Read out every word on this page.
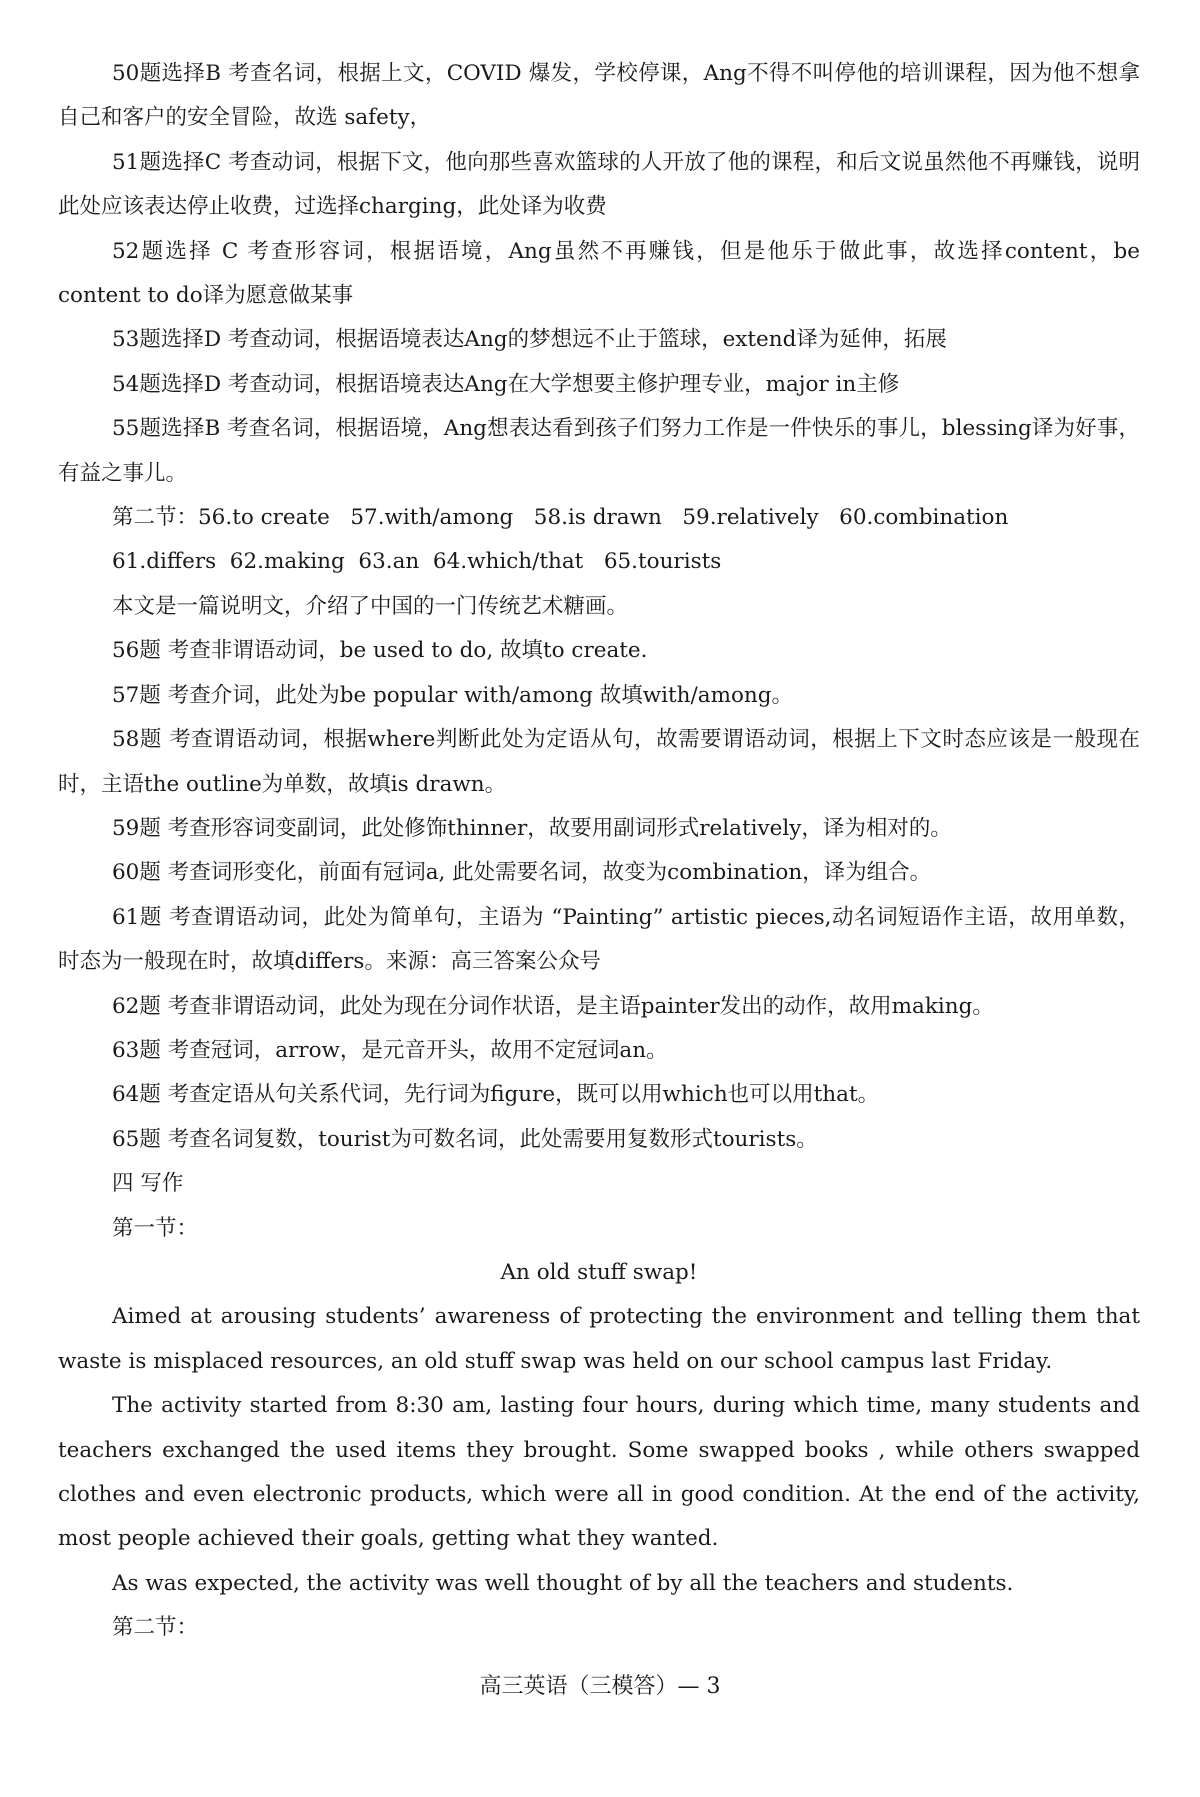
50题选择B 考查名词，根据上文，COVID 爆发，学校停课，Ang不得不叫停他的培训课程，因为他不想拿自己和客户的安全冒险，故选 safety，

51题选择C 考查动词，根据下文，他向那些喜欢篮球的人开放了他的课程，和后文说虽然他不再赚钱，说明此处应该表达停止收费，过选择charging，此处译为收费

52题选择 C 考查形容词，根据语境，Ang虽然不再赚钱，但是他乐于做此事，故选择content，be content to do译为愿意做某事

53题选择D 考查动词，根据语境表达Ang的梦想远不止于篮球，extend译为延伸，拓展

54题选择D 考查动词，根据语境表达Ang在大学想要主修护理专业，major in主修

55题选择B 考查名词，根据语境，Ang想表达看到孩子们努力工作是一件快乐的事儿，blessing译为好事，有益之事儿。

第二节：56.to create   57.with/among   58.is drawn   59.relatively   60.combination

61.differs  62.making  63.an  64.which/that   65.tourists

本文是一篇说明文，介绍了中国的一门传统艺术糖画。

56题 考查非谓语动词，be used to do, 故填to create.

57题 考查介词，此处为be popular with/among 故填with/among。

58题 考查谓语动词，根据where判断此处为定语从句，故需要谓语动词，根据上下文时态应该是一般现在时，主语the outline为单数，故填is drawn。

59题 考查形容词变副词，此处修饰thinner，故要用副词形式relatively，译为相对的。

60题 考查词形变化，前面有冠词a, 此处需要名词，故变为combination，译为组合。

61题 考查谓语动词，此处为简单句，主语为 “Painting” artistic pieces,动名词短语作主语，故用单数，时态为一般现在时，故填differs。来源：高三答案公众号

62题 考查非谓语动词，此处为现在分词作状语，是主语painter发出的动作，故用making。

63题 考查冠词，arrow，是元音开头，故用不定冠词an。

64题 考查定语从句关系代词，先行词为figure，既可以用which也可以用that。

65题 考查名词复数，tourist为可数名词，此处需要用复数形式tourists。

四 写作

第一节：

An old stuff swap!

Aimed at arousing students’ awareness of protecting the environment and telling them that waste is misplaced resources, an old stuff swap was held on our school campus last Friday.

The activity started from 8:30 am, lasting four hours, during which time, many students and teachers exchanged the used items they brought. Some swapped books , while others swapped clothes and even electronic products, which were all in good condition. At the end of the activity, most people achieved their goals, getting what they wanted.

As was expected, the activity was well thought of by all the teachers and students.

第二节：

高三英语（三模答）— 3
